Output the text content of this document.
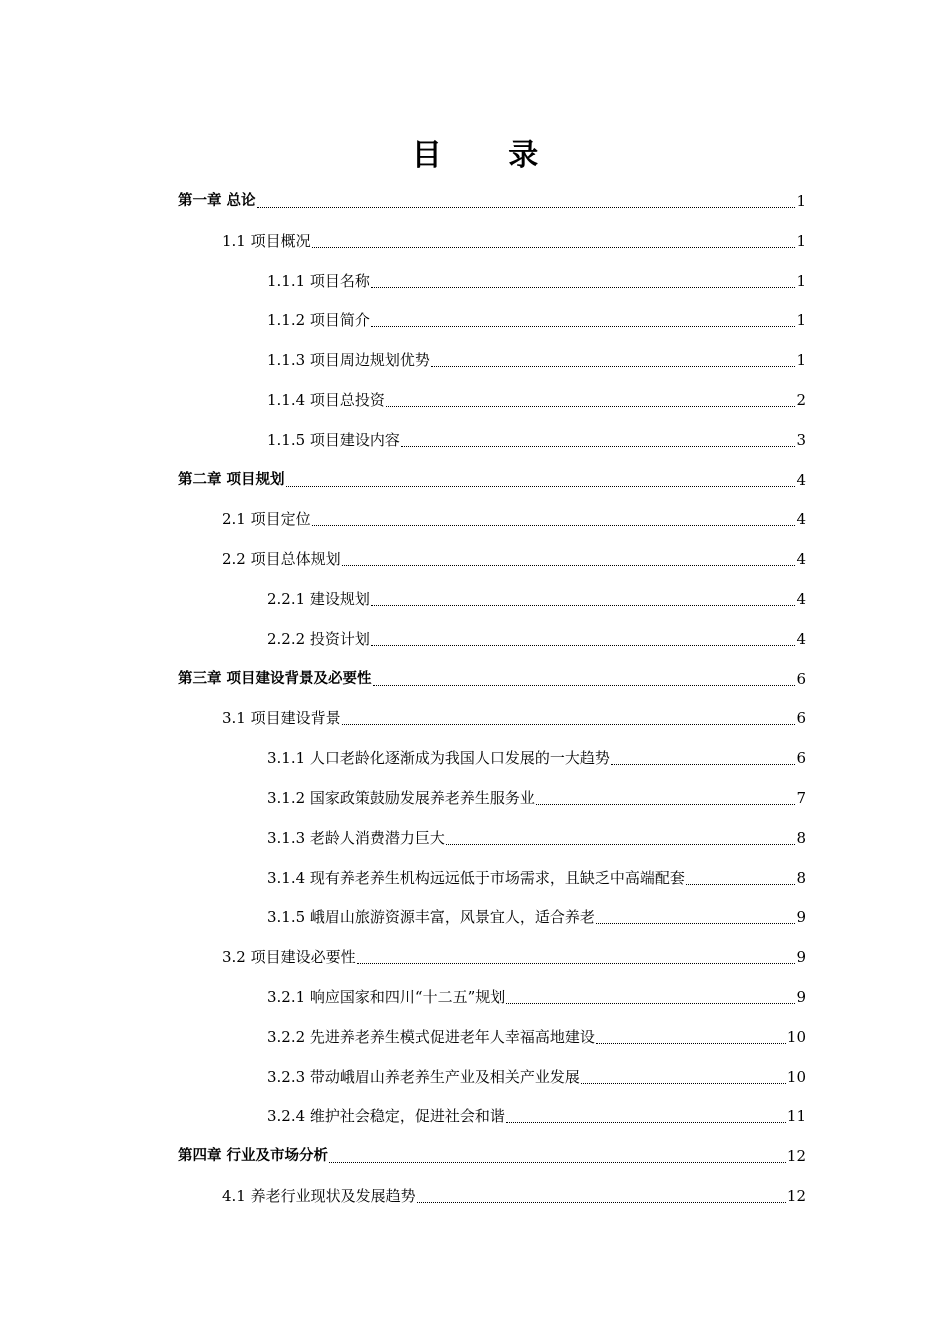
目 录
第一章 总论	1
1.1 项目概况	1
1.1.1 项目名称	1
1.1.2 项目简介	1
1.1.3 项目周边规划优势	1
1.1.4 项目总投资	2
1.1.5 项目建设内容	3
第二章 项目规划	4
2.1 项目定位	4
2.2 项目总体规划	4
2.2.1 建设规划	4
2.2.2 投资计划	4
第三章 项目建设背景及必要性	6
3.1 项目建设背景	6
3.1.1 人口老龄化逐渐成为我国人口发展的一大趋势	6
3.1.2 国家政策鼓励发展养老养生服务业	7
3.1.3 老龄人消费潜力巨大	8
3.1.4 现有养老养生机构远远低于市场需求，且缺乏中高端配套	8
3.1.5 峨眉山旅游资源丰富，风景宜人，适合养老	9
3.2 项目建设必要性	9
3.2.1 响应国家和四川“十二五”规划	9
3.2.2 先进养老养生模式促进老年人幸福高地建设	10
3.2.3 带动峨眉山养老养生产业及相关产业发展	10
3.2.4 维护社会稳定，促进社会和谐	11
第四章 行业及市场分析	12
4.1 养老行业现状及发展趋势	12
